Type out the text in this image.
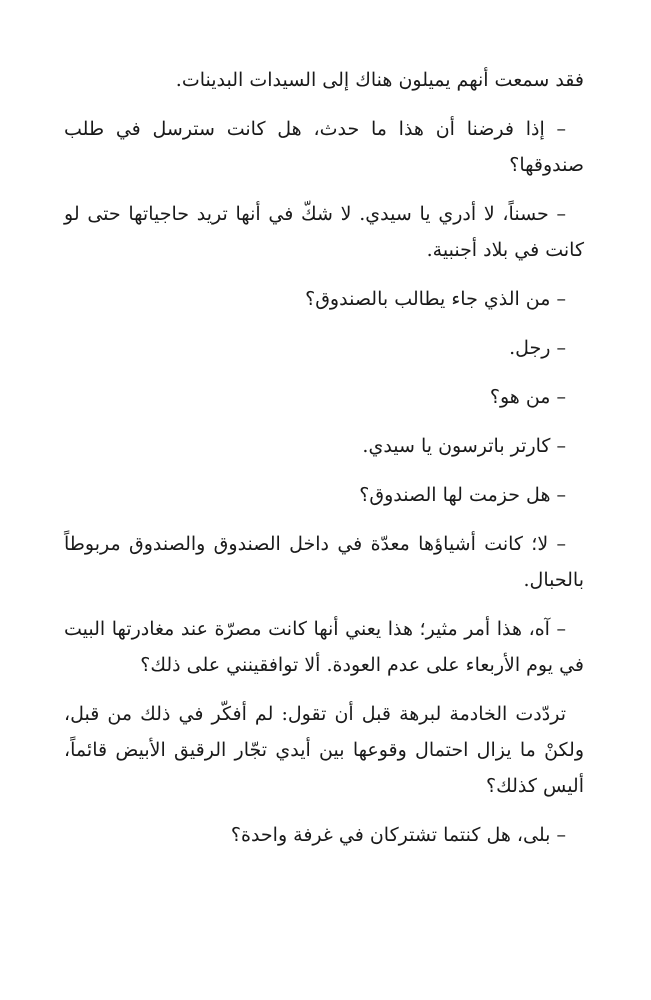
فقد سمعت أنهم يميلون هناك إلى السيدات البدينات.

– إذا فرضنا أن هذا ما حدث، هل كانت سترسل في طلب صندوقها؟

– حسناً، لا أدري يا سيدي. لا شكّ في أنها تريد حاجياتها حتى لو كانت في بلاد أجنبية.

– من الذي جاء يطالب بالصندوق؟

– رجل.

– من هو؟

– كارتر باترسون يا سيدي.

– هل حزمت لها الصندوق؟

– لا؛ كانت أشياؤها معدّة في داخل الصندوق والصندوق مربوطاً بالحبال.

– آه، هذا أمر مثير؛ هذا يعني أنها كانت مصرّة عند مغادرتها البيت في يوم الأربعاء على عدم العودة. ألا توافقينني على ذلك؟

تردّدت الخادمة لبرهة قبل أن تقول: لم أفكّر في ذلك من قبل، ولكنْ ما يزال احتمال وقوعها بين أيدي تجّار الرقيق الأبيض قائماً، أليس كذلك؟

– بلى، هل كنتما تشتركان في غرفة واحدة؟
